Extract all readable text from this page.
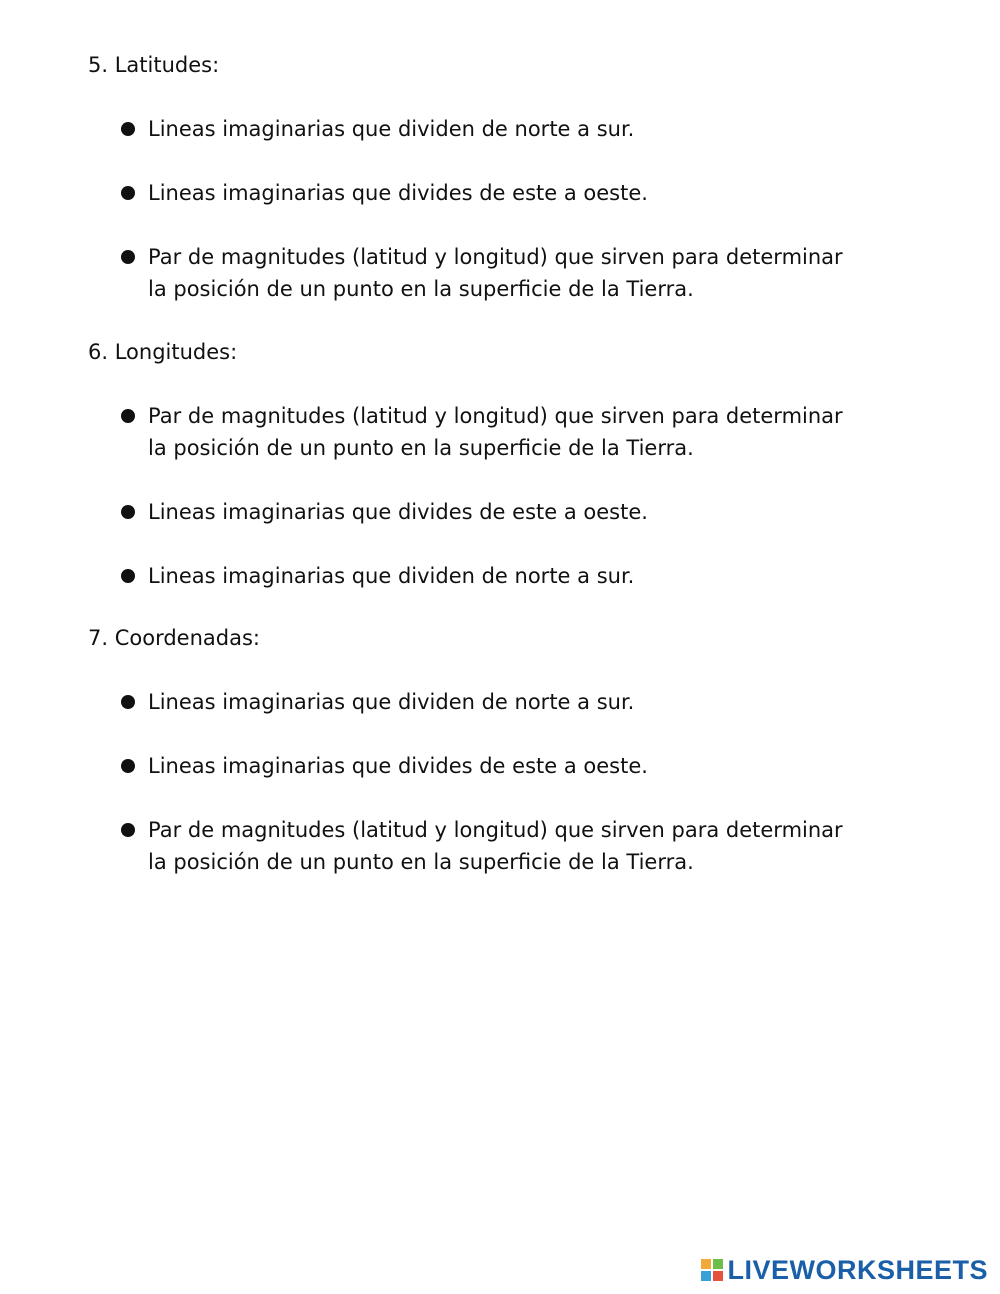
5. Latitudes:
Lineas imaginarias que dividen de norte a sur.
Lineas imaginarias que divides de este a oeste.
Par de magnitudes (latitud y longitud) que sirven para determinar la posición de un punto en la superficie de la Tierra.
6. Longitudes:
Par de magnitudes (latitud y longitud) que sirven para determinar la posición de un punto en la superficie de la Tierra.
Lineas imaginarias que divides de este a oeste.
Lineas imaginarias que dividen de norte a sur.
7. Coordenadas:
Lineas imaginarias que dividen de norte a sur.
Lineas imaginarias que divides de este a oeste.
Par de magnitudes (latitud y longitud) que sirven para determinar la posición de un punto en la superficie de la Tierra.
LIVEWORKSHEETS
